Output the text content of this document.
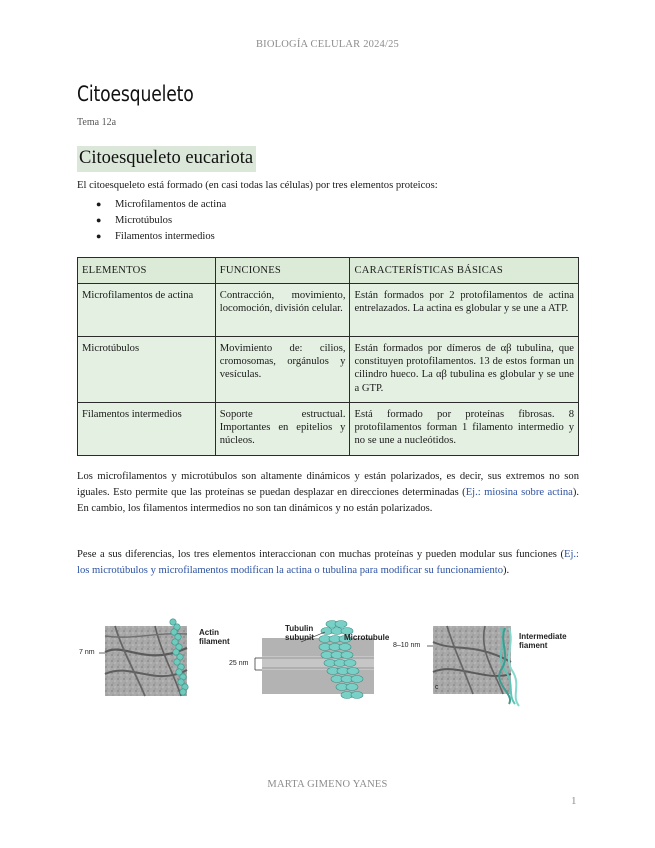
BIOLOGÍA CELULAR 2024/25
Citoesqueleto
Tema 12a
Citoesqueleto eucariota
El citoesqueleto está formado (en casi todas las células) por tres elementos proteicos:
●	Microfilamentos de actina
●	Microtúbulos
●	Filamentos intermedios
ELEMENTOS	FUNCIONES	CARACTERÍSTICAS BÁSICAS
Microfilamentos de actina	Contracción, movimiento, locomoción, división celular.	Están formados por 2 protofilamentos de actina entrelazados. La actina es globular y se une a ATP.
Microtúbulos	Movimiento de: cilios, cromosomas, orgánulos y vesículas.	Están formados por dímeros de αβ tubulina, que constituyen protofilamentos. 13 de estos forman un cilindro hueco. La αβ tubulina es globular y se une a GTP.
Filamentos intermedios	Soporte estructual. Importantes en epitelios y núcleos.	Está formado por proteínas fibrosas. 8 protofilamentos forman 1 filamento intermedio y no se une a nucleótidos.

Los microfilamentos y microtúbulos son altamente dinámicos y están polarizados, es decir, sus extremos no son iguales. Esto permite que las proteínas se puedan desplazar en direcciones determinadas (Ej.: miosina sobre actina). En cambio, los filamentos intermedios no son tan dinámicos y no están polarizados.

Pese a sus diferencias, los tres elementos interaccionan con muchas proteínas y pueden modular sus funciones (Ej.: los microtúbulos y microfilamentos modifican la actina o tubulina para modificar su funcionamiento).

Actin
filament
7 nm
Tubulin
subunit	Microtubule
25 nm
Intermediate
fiament
8–10 nm
c
MARTA GIMENO YANES
1
